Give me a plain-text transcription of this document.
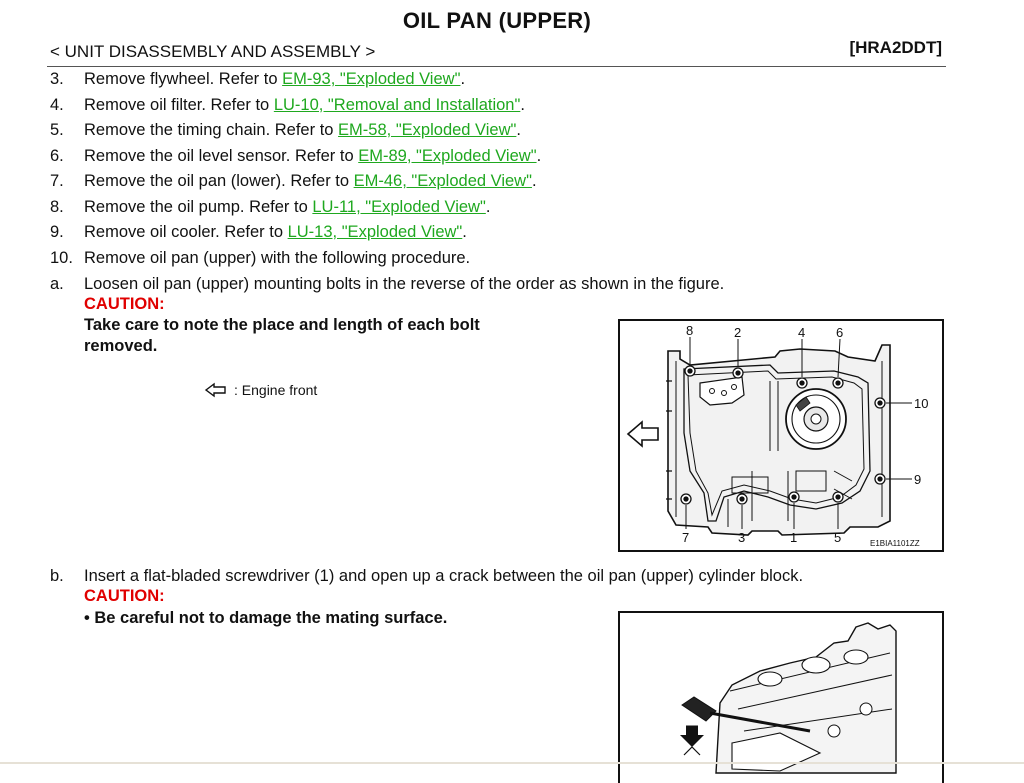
OIL PAN (UPPER)
< UNIT DISASSEMBLY AND ASSEMBLY >	[HRA2DDT]
3. Remove flywheel. Refer to EM-93, "Exploded View".
4. Remove oil filter. Refer to LU-10, "Removal and Installation".
5. Remove the timing chain. Refer to EM-58, "Exploded View".
6. Remove the oil level sensor. Refer to EM-89, "Exploded View".
7. Remove the oil pan (lower). Refer to EM-46, "Exploded View".
8. Remove the oil pump. Refer to LU-11, "Exploded View".
9. Remove oil cooler. Refer to LU-13, "Exploded View".
10. Remove oil pan (upper) with the following procedure.
a. Loosen oil pan (upper) mounting bolts in the reverse of the order as shown in the figure.
CAUTION:
Take care to note the place and length of each bolt
removed.
: Engine front
8	2	4 6
10
9
7	3	1	5	E1BIA1101ZZ
b. Insert a flat-bladed screwdriver (1) and open up a crack between the oil pan (upper) cylinder block.
CAUTION:
• Be careful not to damage the mating surface.
